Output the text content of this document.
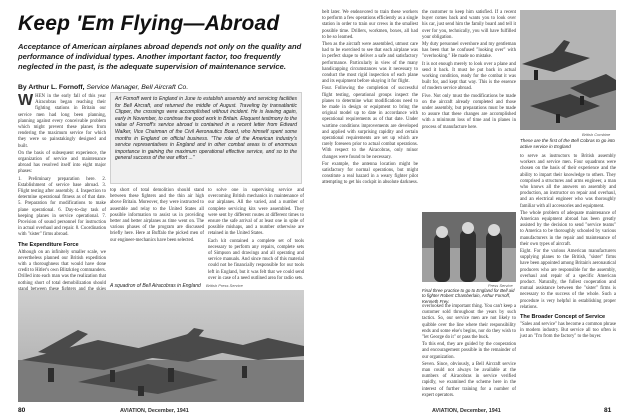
Keep 'Em Flying—Abroad
Acceptance of American airplanes abroad depends not only on the quality and performance of individual types. Another important factor, too frequently neglected in the past, is the adequate supervision of maintenance service.
By Arthur L. Fornoff, Service Manager, Bell Aircraft Co.

WHEN in the early fall of this year Airacobras began reaching their fighting stations in Britain our service men had long been planning, planning against every conceivable problem which might prevent these planes from rendering the maximum service for which they were so painstakingly designed and built.

On the basis of subsequent experience, the organization of service and maintenance abroad has resolved itself into eight major phases:

1. Preliminary preparation here. 2. Establishment of service base abroad. 3. Flight testing after assembly. 4. Inspection to determine operational fitness as of that date. 5. Preparation for modifications to make plane operational. 6. Day-to-day task of keeping planes in service operational. 7. Provision of sound personnel for instruction in actual overhaul and repair. 8. Coordination with "sister" firms abroad.

The Expenditure Force

Although on an infinitely smaller scale, we nevertheless planned our British expedition with a thoroughness that would have done credit to Hitler's own Blitzkrieg commanders. Drilled into each man was the realization that nothing short of total demobilization should

Art Fornoff went to England in June to establish assembly and servicing facilities for Bell Aircraft, and returned the middle of August. Traveling by transatlantic Clipper, the crossings were accomplished without incident. He is leaving again, early in November, to continue the good work in Britain. Eloquent testimony to the value of Fornoff's service abroad is contained in a recent letter from Edward Walker, Vice Chairman of the Civil Aeronautics Board, who himself spent some months in England on official business. "The role of the American industry's service representatives in England and in other combat areas is of enormous importance in gaining the maximum operational effective service, and so to the general success of the war effort ..."

top short of total demolition should stand between these fighters and the thin air high above Britain. Moreover, they were instructed to assemble and relay to the United States all possible information to assist us in providing better and better airplanes as time went on. The various phases of the program are discussed briefly here. Here at Buffalo the picked men of our engineer-mechanics have been selected.

to solve one in supervising service and overcoming British mechanics in maintenance of our airplanes. All the varied, and a number of complete servicing kits were assembled. They were sent by different routes at different times to ensure the safe arrival of at least one in spite of possible mishaps, and a number otherwise are retained in the United States.

Each kit contained a complete set of tools necessary to perform any repairs, complete sets of Simpson and drawings and all operating and service manuals. And since much of this material could not be financially responsible for our tools left in England, but it was felt that we could send over in case of a need outlined area for radio sets.

A squadron of Bell Airacobras in England British Press Service
80	AVIATION, December, 1941

belt later. We endeavored to train these workers to perform a few operations efficiently as a single station in order to train our crews in the smallest possible time. Drillers, workmen, boxes, all had to be so learned.

Then as the aircraft were assembled, utmost care had to be exercised to see that each airplane was in perfect shape to deliver a safe and satisfactory performance. Particularly in view of the many handicapping circumstances was it necessary to conduct the most rigid inspection of each plane and its equipment before okaying it for flight.

Four. Following the completion of successful flight testing, operational groups inspect the planes to determine what modifications need to be made in design or equipment to bring the original model up to date in accordance with operational requirements as of that date. Under wartime conditions improvements are developed and applied with surprising rapidity and certain operational requirements are set up which are rarely foreseen prior to actual combat operations. With respect to the Airacobras, only minor changes were found to be necessary.

For example, the antenna location might be satisfactory for normal operations, but might constitute a real hazard in a weary fighter pilot attempting to get his cockpit in absolute darkness.

the customer to keep him satisfied. If a recent buyer comes back and wants you to look over his car, just send him the family board and tell it over for you, technically, you will have fulfilled your obligation.

My duty personnel overshore and my gentleman has been that he confused "looking over" with "overlooking." He made no mistake.

It is not enough merely to look over a plane and send it back. It must be put back in actual working condition, ready for the combat it was built for, and kept that way. This is the essence of modern service abroad.

Five. Not only must the modifications be made on the aircraft already completed and those under assembly, but preparations must be made to assure that these changes are accomplished with a minimum loss of time and in planes in process of manufacture here.

British Combine
These are the first of the Bell Cobras to go into active service in England
Press Service
Final three practice to go to England for Bell aid to fighter Robert Chamberlain, Arthur Fornoff, Kenneth Frey.

overlooked the important thing. You can't keep a customer sold throughout the years by such tactics. So, our service men are not likely to quibble over the line where their responsibility ends and some else's begins, nor do they wish to "let George do it" or pass the buck.

To this end, they are guided by the cooperation and encouragement possible in the remainder of our organization.

Seven. Since, obviously, a Bell Aircraft service man could not always be available at the numbers of Airacobras in service verified rapidly, we examined the scheme here in the interest of further training for a number of expert operators.

to serve as instructors to British assembly workers and service men. Four squadrons were chosen on the basis of their experience and the ability to impart their knowledge to others. They comprised a structures and arms engineer, a man who knows all the answers on assembly and production, an instructor on repair and overhaul, and an electrical engineer who was thoroughly familiar with all accessories and equipment.

The whole problem of adequate maintenance of American equipment abroad has been greatly assisted by the decision to send "service teams" to America to be thoroughly schooled by various manufacturers in the repair and maintenance of their own types of aircraft.

Eight. For the various American manufacturers supplying planes to the British, "sister" firms have been appointed among Britain's aeronautical producers who are responsible for the assembly, overhaul and repair of a specific American product. Naturally, the fullest cooperation and mutual assistance between the "sister" firms is necessary to the success of the whole. Such a procedure is very helpful in establishing proper relations.

The Broader Concept of Service

"Sales and service" has become a common phrase in modern industry. But service all too often is just an "I'm from the factory" to the buyer.

AVIATION, December, 1941	81
